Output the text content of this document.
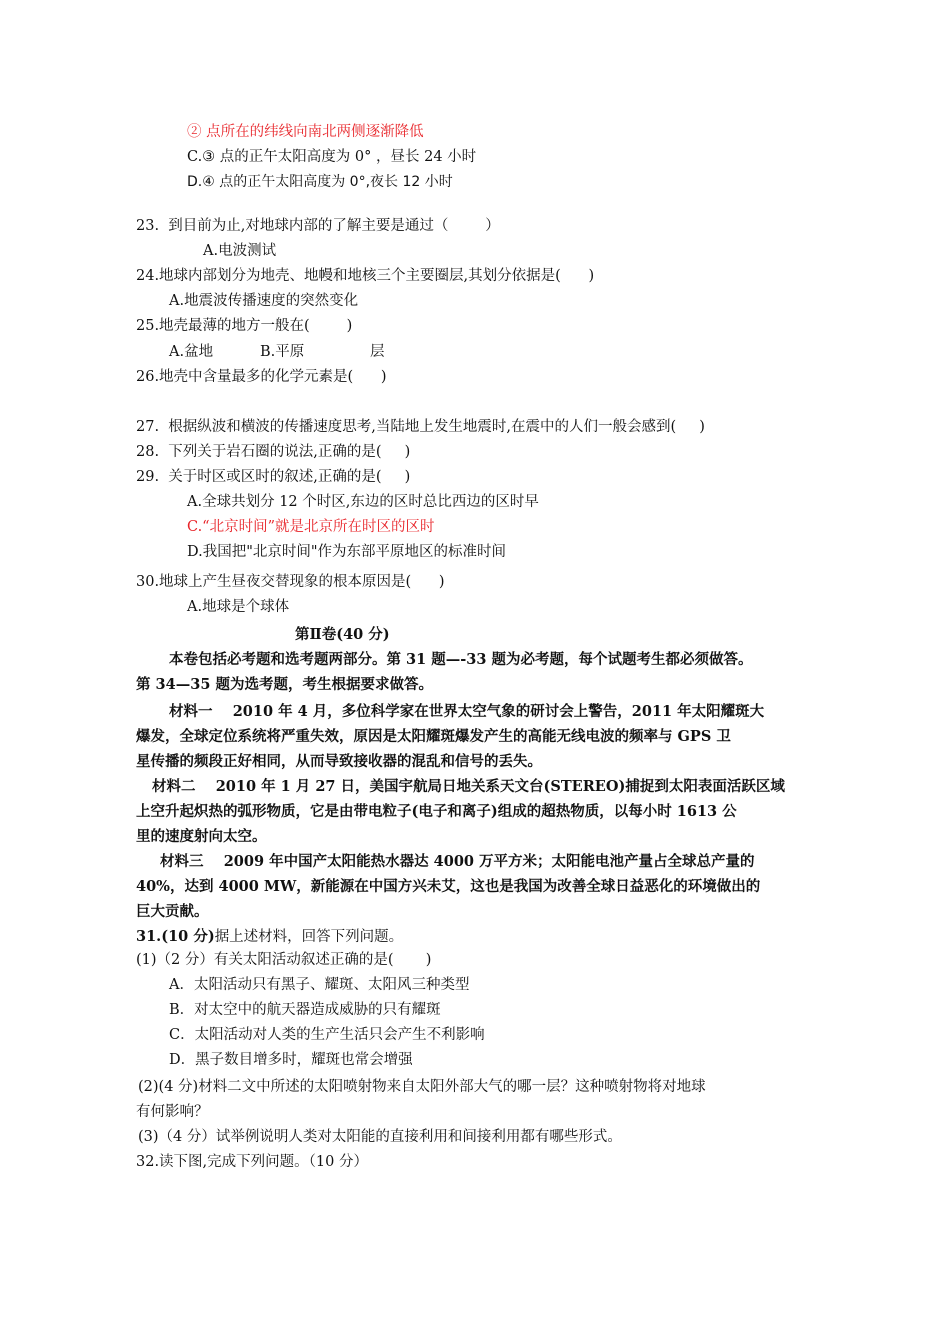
② 点所在的纬线向南北两侧逐渐降低
C.③ 点的正午太阳高度为 0° ，昼长 24 小时
D.④ 点的正午太阳高度为 0°,夜长 12 小时
23.  到目前为止,对地球内部的了解主要是通过（        ）
A.电波测试
24.地球内部划分为地壳、地幔和地核三个主要圈层,其划分依据是(      )
A.地震波传播速度的突然变化
25.地壳最薄的地方一般在(        )
A.盆地	B.平原	层
26.地壳中含量最多的化学元素是(      )
27.  根据纵波和横波的传播速度思考,当陆地上发生地震时,在震中的人们一般会感到(     )
28.  下列关于岩石圈的说法,正确的是(     )
29.  关于时区或区时的叙述,正确的是(     )
A.全球共划分 12 个时区,东边的区时总比西边的区时早
C.“北京时间”就是北京所在时区的区时
D.我国把"北京时间"作为东部平原地区的标准时间
30.地球上产生昼夜交替现象的根本原因是(      )
A.地球是个球体
第Ⅱ卷(40 分)
本卷包括必考题和选考题两部分。第 31 题—-33 题为必考题，每个试题考生都必须做答。
第 34—35 题为选考题，考生根据要求做答。
材料一    2010 年 4 月，多位科学家在世界太空气象的研讨会上警告，2011 年太阳耀斑大
爆发，全球定位系统将严重失效，原因是太阳耀斑爆发产生的高能无线电波的频率与 GPS 卫
星传播的频段正好相同，从而导致接收器的混乱和信号的丢失。
材料二    2010 年 1 月 27 日，美国宇航局日地关系天文台(STEREO)捕捉到太阳表面活跃区域
上空升起炽热的弧形物质，它是由带电粒子(电子和离子)组成的超热物质，以每小时 1613 公
里的速度射向太空。
材料三    2009 年中国产太阳能热水器达 4000 万平方米；太阳能电池产量占全球总产量的
40%，达到 4000 MW，新能源在中国方兴未艾，这也是我国为改善全球日益恶化的环境做出的
巨大贡献。
31.(10 分)据上述材料，回答下列问题。
(1)（2 分）有关太阳活动叙述正确的是(       )
A．太阳活动只有黑子、耀斑、太阳风三种类型
B．对太空中的航天器造成威胁的只有耀斑
C．太阳活动对人类的生产生活只会产生不利影响
D．黑子数目增多时，耀斑也常会增强
(2)(4 分)材料二文中所述的太阳喷射物来自太阳外部大气的哪一层？这种喷射物将对地球
有何影响？
(3)（4 分）试举例说明人类对太阳能的直接利用和间接利用都有哪些形式。
32.读下图,完成下列问题。（10 分）
